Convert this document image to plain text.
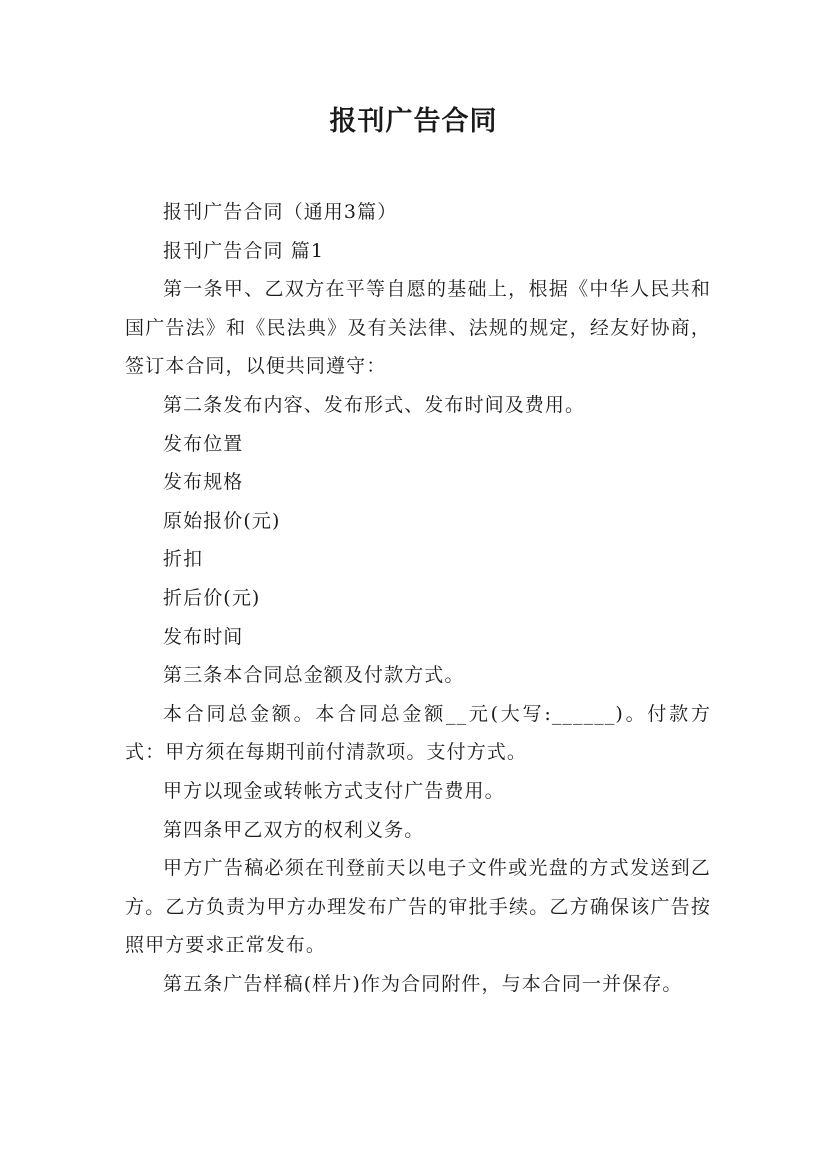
报刊广告合同

报刊广告合同（通用3篇）

报刊广告合同 篇1

第一条甲、乙双方在平等自愿的基础上，根据《中华人民共和国广告法》和《民法典》及有关法律、法规的规定，经友好协商，签订本合同，以便共同遵守：

第二条发布内容、发布形式、发布时间及费用。

发布位置

发布规格

原始报价(元)

折扣

折后价(元)

发布时间

第三条本合同总金额及付款方式。

本合同总金额。本合同总金额__元(大写:______)。付款方式：甲方须在每期刊前付清款项。支付方式。

甲方以现金或转帐方式支付广告费用。

第四条甲乙双方的权利义务。

甲方广告稿必须在刊登前天以电子文件或光盘的方式发送到乙方。乙方负责为甲方办理发布广告的审批手续。乙方确保该广告按照甲方要求正常发布。

第五条广告样稿(样片)作为合同附件，与本合同一并保存。
